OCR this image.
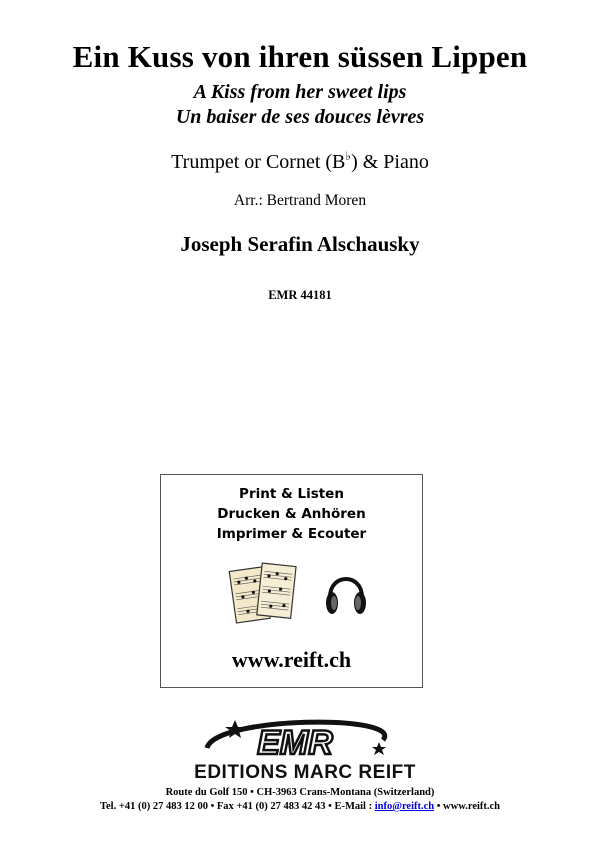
Ein Kuss von ihren süssen Lippen
A Kiss from her sweet lips
Un baiser de ses douces lèvres
Trumpet or Cornet (B♭) & Piano
Arr.: Bertrand Moren
Joseph Serafin Alschausky
EMR 44181
Print & Listen
Drucken & Anhören
Imprimer & Ecouter
www.reift.ch
EMR
EDITIONS MARC REIFT
Route du Golf 150 • CH-3963 Crans-Montana (Switzerland)
Tel. +41 (0) 27 483 12 00 • Fax +41 (0) 27 483 42 43 • E-Mail : info@reift.ch • www.reift.ch
